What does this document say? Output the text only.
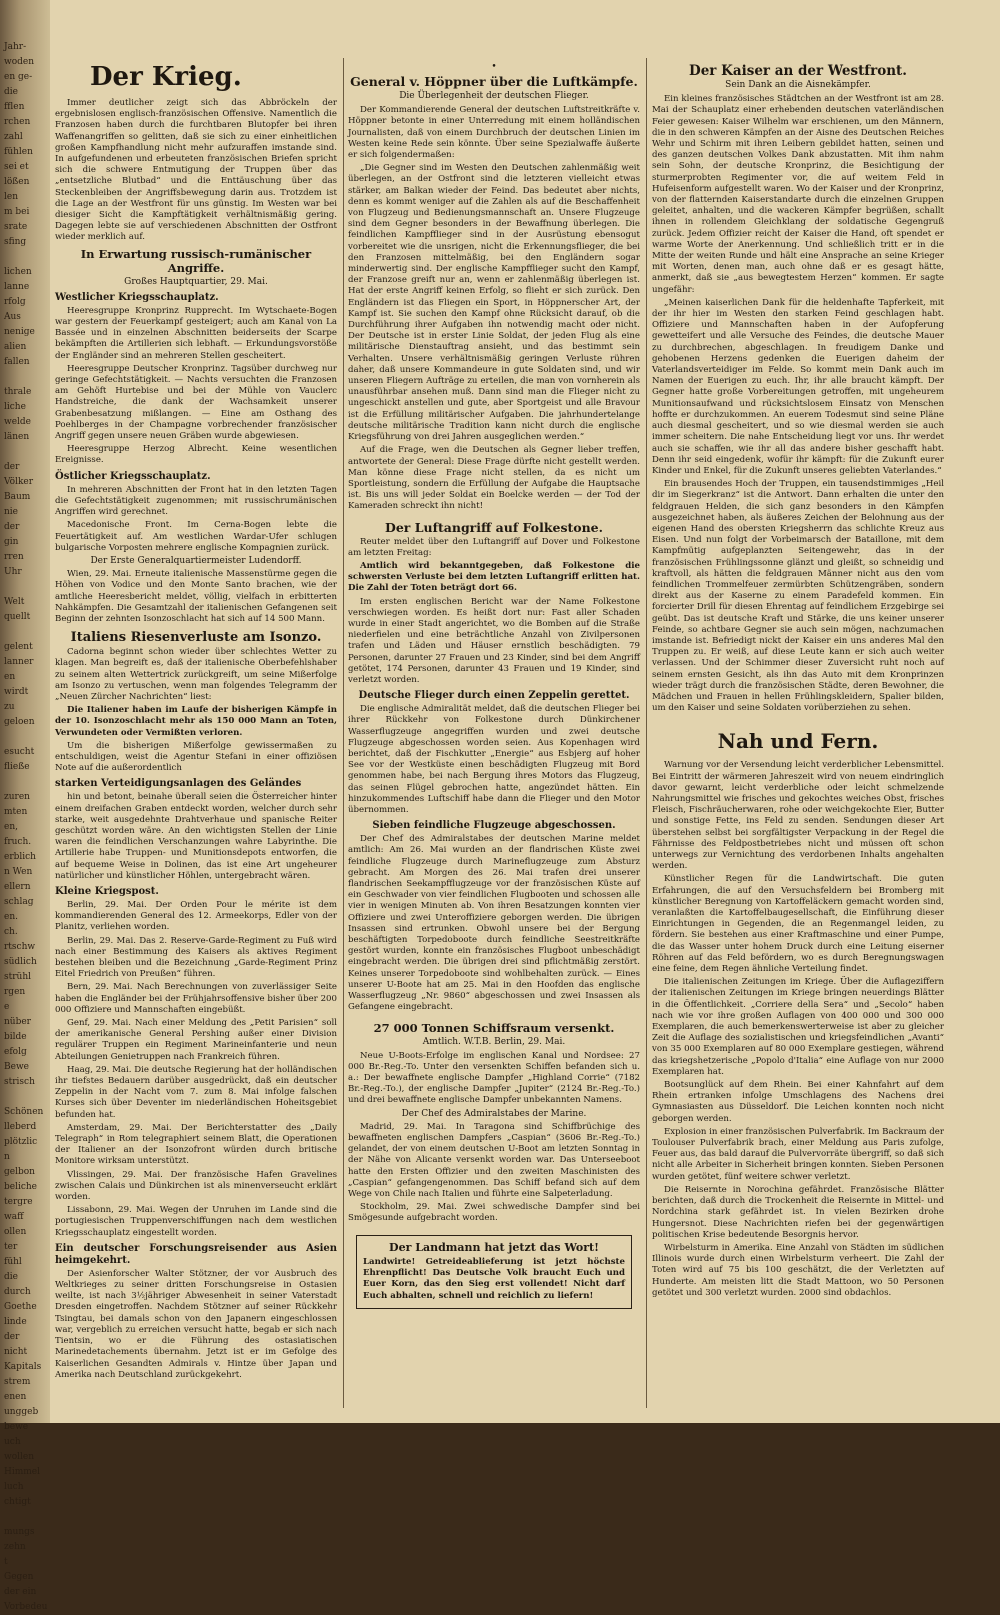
Jahr-
woden
en ge-
die
fflen
rchen
zahl
fühlen
sei et
lößen
len
m bei
srate
sfing

lichen
lanne
rfolg
Aus
nenige
alien
fallen

thrale
liche
welde
länen

der
Völker
Baum
nie
der
gin
rren
Uhr

Welt
quellt

gelent
lanner
en
wirdt
zu
geloen

esucht
fließe

zuren
mten
en,
fruch.
erblich
n Wen
ellern
schlag
en.
ch.
rtschw
südlich
strühl
rgen
e
nüber
bilde
efolg
Bewe
strisch

Schönen
lleberd
plötzlic
n
gelbon
beliche
tergre
waff
ollen
ter
fühl
die
durch
Goethe
linde
der
nicht
Kapitals
strem
enen
unggeb
bewe
uch
wollen
Himmel
luch
chtigt

mungs
zehn
t
Gegen
der ein
Vorbedeu
Der Krieg.

Immer deutlicher zeigt sich das Abbröckeln der ergebnislosen englisch-französischen Offensive. Namentlich die Franzosen haben durch die furchtbaren Blutopfer bei ihren Waffenangriffen so gelitten, daß sie sich zu einer einheitlichen großen Kampfhandlung nicht mehr aufzuraffen imstande sind. In aufgefundenen und erbeuteten französischen Briefen spricht sich die schwere Entmutigung der Truppen über das „entsetzliche Blutbad“ und die Enttäuschung über das Steckenbleiben der Angriffsbewegung darin aus. Trotzdem ist die Lage an der Westfront für uns günstig. Im Westen war bei diesiger Sicht die Kampftätigkeit verhältnismäßig gering. Dagegen lebte sie auf verschiedenen Abschnitten der Ostfront wieder merklich auf.

In Erwartung russisch-rumänischer Angriffe.
Großes Hauptquartier, 29. Mai.
Westlicher Kriegsschauplatz.

Heeresgruppe Kronprinz Rupprecht. Im Wytschaete-Bogen war gestern der Feuerkampf gesteigert; auch am Kanal von La Bassée und in einzelnen Abschnitten beiderseits der Scarpe bekämpften die Artillerien sich lebhaft. — Erkundungsvorstöße der Engländer sind an mehreren Stellen gescheitert.

Heeresgruppe Deutscher Kronprinz. Tagsüber durchweg nur geringe Gefechtstätigkeit. — Nachts versuchten die Franzosen am Gehöft Hurtebise und bei der Mühle von Vauclerc Handstreiche, die dank der Wachsamkeit unserer Grabenbesatzung mißlangen. — Eine am Osthang des Poehlberges in der Champagne vorbrechender französischer Angriff gegen unsere neuen Gräben wurde abgewiesen.

Heeresgruppe Herzog Albrecht. Keine wesentlichen Ereignisse.

Östlicher Kriegsschauplatz.

In mehreren Abschnitten der Front hat in den letzten Tagen die Gefechtstätigkeit zugenommen; mit russischrumänischen Angriffen wird gerechnet.

Macedonische Front. Im Cerna-Bogen lebte die Feuertätigkeit auf. Am westlichen Wardar-Ufer schlugen bulgarische Vorposten mehrere englische Kompagnien zurück.

Der Erste Generalquartiermeister Ludendorff.

Wien, 29. Mai. Erneute italienische Massenstürme gegen die Höhen von Vodice und den Monte Santo brachen, wie der amtliche Heeresbericht meldet, völlig, vielfach in erbitterten Nahkämpfen. Die Gesamtzahl der italienischen Gefangenen seit Beginn der zehnten Isonzoschlacht hat sich auf 14 500 Mann.

Italiens Riesenverluste am Isonzo.

Cadorna beginnt schon wieder über schlechtes Wetter zu klagen. Man begreift es, daß der italienische Oberbefehlshaber zu seinem alten Wettertrick zurückgreift, um seine Mißerfolge am Isonzo zu vertuschen, wenn man folgendes Telegramm der „Neuen Zürcher Nachrichten“ liest:

Die Italiener haben im Laufe der bisherigen Kämpfe in der 10. Isonzoschlacht mehr als 150 000 Mann an Toten, Verwundeten oder Vermißten verloren.

Um die bisherigen Mißerfolge gewissermaßen zu entschuldigen, weist die Agentur Stefani in einer offiziösen Note auf die außerordentlich

starken Verteidigungsanlagen des Geländes

hin und betont, beinahe überall seien die Österreicher hinter einem dreifachen Graben entdeckt worden, welcher durch sehr starke, weit ausgedehnte Drahtverhaue und spanische Reiter geschützt worden wäre. An den wichtigsten Stellen der Linie waren die feindlichen Verschanzungen wahre Labyrinthe. Die Artillerie habe Truppen- und Munitionsdepots entworfen, die auf bequeme Weise in Dolinen, das ist eine Art ungeheurer natürlicher und künstlicher Höhlen, untergebracht wären.

Kleine Kriegspost.

Berlin, 29. Mai. Der Orden Pour le mérite ist dem kommandierenden General des 12. Armeekorps, Edler von der Planitz, verliehen worden.

Berlin, 29. Mai. Das 2. Reserve-Garde-Regiment zu Fuß wird nach einer Bestimmung des Kaisers als aktives Regiment bestehen bleiben und die Bezeichnung „Garde-Regiment Prinz Eitel Friedrich von Preußen“ führen.

Bern, 29. Mai. Nach Berechnungen von zuverlässiger Seite haben die Engländer bei der Frühjahrsoffensive bisher über 200 000 Offiziere und Mannschaften eingebüßt.

Genf, 29. Mai. Nach einer Meldung des „Petit Parisien“ soll der amerikanische General Pershing außer einer Division regulärer Truppen ein Regiment Marineinfanterie und neun Abteilungen Genietruppen nach Frankreich führen.

Haag, 29. Mai. Die deutsche Regierung hat der holländischen ihr tiefstes Bedauern darüber ausgedrückt, daß ein deutscher Zeppelin in der Nacht vom 7. zum 8. Mai infolge falschen Kurses sich über Deventer im niederländischen Hoheitsgebiet befunden hat.

Amsterdam, 29. Mai. Der Berichterstatter des „Daily Telegraph“ in Rom telegraphiert seinem Blatt, die Operationen der Italiener an der Isonzofront würden durch britische Monitore wirksam unterstützt.

Vlissingen, 29. Mai. Der französische Hafen Gravelines zwischen Calais und Dünkirchen ist als minenverseucht erklärt worden.

Lissabonn, 29. Mai. Wegen der Unruhen im Lande sind die portugiesischen Truppenverschiffungen nach dem westlichen Kriegsschauplatz eingestellt worden.

Ein deutscher Forschungsreisender aus Asien heimgekehrt.

Der Asienforscher Walter Stötzner, der vor Ausbruch des Weltkrieges zu seiner dritten Forschungsreise in Ostasien weilte, ist nach 3½jähriger Abwesenheit in seiner Vaterstadt Dresden eingetroffen. Nachdem Stötzner auf seiner Rückkehr Tsingtau, bei damals schon von den Japanern eingeschlossen war, vergeblich zu erreichen versucht hatte, begab er sich nach Tientsin, wo er die Führung des ostasiatischen Marinedetachements übernahm. Jetzt ist er im Gefolge des Kaiserlichen Gesandten Admirals v. Hintze über Japan und Amerika nach Deutschland zurückgekehrt.

•
General v. Höppner über die Luftkämpfe.
Die Überlegenheit der deutschen Flieger.

Der Kommandierende General der deutschen Luftstreitkräfte v. Höppner betonte in einer Unterredung mit einem holländischen Journalisten, daß von einem Durchbruch der deutschen Linien im Westen keine Rede sein könnte. Über seine Spezialwaffe äußerte er sich folgendermaßen:

„Die Gegner sind im Westen den Deutschen zahlenmäßig weit überlegen, an der Ostfront sind die letzteren vielleicht etwas stärker, am Balkan wieder der Feind. Das bedeutet aber nichts, denn es kommt weniger auf die Zahlen als auf die Beschaffenheit von Flugzeug und Bedienungsmannschaft an. Unsere Flugzeuge sind dem Gegner besonders in der Bewaffnung überlegen. Die feindlichen Kampfflieger sind in der Ausrüstung ebensogut vorbereitet wie die unsrigen, nicht die Erkennungsflieger, die bei den Franzosen mittelmäßig, bei den Engländern sogar minderwertig sind. Der englische Kampfflieger sucht den Kampf, der Franzose greift nur an, wenn er zahlenmäßig überlegen ist. Hat der erste Angriff keinen Erfolg, so flieht er sich zurück. Den Engländern ist das Fliegen ein Sport, in Höppnerscher Art, der Kampf ist. Sie suchen den Kampf ohne Rücksicht darauf, ob die Durchführung ihrer Aufgaben ihn notwendig macht oder nicht. Der Deutsche ist in erster Linie Soldat, der jeden Flug als eine militärische Dienstauftrag ansieht, und das bestimmt sein Verhalten. Unsere verhältnismäßig geringen Verluste rühren daher, daß unsere Kommandeure in gute Soldaten sind, und wir unseren Fliegern Aufträge zu erteilen, die man von vornherein als unausführbar ansehen muß. Dann sind man die Flieger nicht zu ungeschickt anstellen und gute, aber Sportgeist und alle Bravour ist die Erfüllung militärischer Aufgaben. Die jahrhundertelange deutsche militärische Tradition kann nicht durch die englische Kriegsführung von drei Jahren ausgeglichen werden.“

Auf die Frage, wen die Deutschen als Gegner lieber treffen, antwortete der General: Diese Frage dürfte nicht gestellt werden. Man könne diese Frage nicht stellen, da es nicht um Sportleistung, sondern die Erfüllung der Aufgabe die Hauptsache ist. Bis uns will jeder Soldat ein Boelcke werden — der Tod der Kameraden schreckt ihn nicht!

Der Luftangriff auf Folkestone.

Reuter meldet über den Luftangriff auf Dover und Folkestone am letzten Freitag:

Amtlich wird bekanntgegeben, daß Folkestone die schwersten Verluste bei dem letzten Luftangriff erlitten hat. Die Zahl der Toten beträgt dort 66.

Im ersten englischen Bericht war der Name Folkestone verschwiegen worden. Es heißt dort nur: Fast aller Schaden wurde in einer Stadt angerichtet, wo die Bomben auf die Straße niederfielen und eine beträchtliche Anzahl von Zivilpersonen trafen und Läden und Häuser ernstlich beschädigten. 79 Personen, darunter 27 Frauen und 23 Kinder, sind bei dem Angriff getötet, 174 Personen, darunter 43 Frauen und 19 Kinder, sind verletzt worden.

Deutsche Flieger durch einen Zeppelin gerettet.

Die englische Admiralität meldet, daß die deutschen Flieger bei ihrer Rückkehr von Folkestone durch Dünkirchener Wasserflugzeuge angegriffen wurden und zwei deutsche Flugzeuge abgeschossen worden seien. Aus Kopenhagen wird berichtet, daß der Fischkutter „Energie“ aus Esbjerg auf hoher See vor der Westküste einen beschädigten Flugzeug mit Bord genommen habe, bei nach Bergung ihres Motors das Flugzeug, das seinen Flügel gebrochen hatte, angezündet hätten. Ein hinzukommendes Luftschiff habe dann die Flieger und den Motor übernommen.

Sieben feindliche Flugzeuge abgeschossen.

Der Chef des Admiralstabes der deutschen Marine meldet amtlich: Am 26. Mai wurden an der flandrischen Küste zwei feindliche Flugzeuge durch Marineflugzeuge zum Absturz gebracht. Am Morgen des 26. Mai trafen drei unserer flandrischen Seekampfflugzeuge vor der französischen Küste auf ein Geschwader von vier feindlichen Flugbooten und schossen alle vier in wenigen Minuten ab. Von ihren Besatzungen konnten vier Offiziere und zwei Unteroffiziere geborgen werden. Die übrigen Insassen sind ertrunken. Obwohl unsere bei der Bergung beschäftigten Torpedoboote durch feindliche Seestreitkräfte gestört wurden, konnte ein französisches Flugboot unbeschädigt eingebracht werden. Die übrigen drei sind pflichtmäßig zerstört. Keines unserer Torpedoboote sind wohlbehalten zurück. — Eines unserer U-Boote hat am 25. Mai in den Hoofden das englische Wasserflugzeug „Nr. 9860“ abgeschossen und zwei Insassen als Gefangene eingebracht.

27 000 Tonnen Schiffsraum versenkt.
Amtlich. W.T.B. Berlin, 29. Mai.

Neue U-Boots-Erfolge im englischen Kanal und Nordsee: 27 000 Br.-Reg.-To. Unter den versenkten Schiffen befanden sich u. a.: Der bewaffnete englische Dampfer „Highland Corrie“ (7182 Br.-Reg.-To.), der englische Dampfer „Jupiter“ (2124 Br.-Reg.-To.) und drei bewaffnete englische Dampfer unbekannten Namens.

Der Chef des Admiralstabes der Marine.

Madrid, 29. Mai. In Taragona sind Schiffbrüchige des bewaffneten englischen Dampfers „Caspian“ (3606 Br.-Reg.-To.) gelandet, der von einem deutschen U-Boot am letzten Sonntag in der Nähe von Alicante versenkt worden war. Das Unterseeboot hatte den Ersten Offizier und den zweiten Maschinisten des „Caspian“ gefangengenommen. Das Schiff befand sich auf dem Wege von Chile nach Italien und führte eine Salpeterladung.

Stockholm, 29. Mai. Zwei schwedische Dampfer sind bei Smögesunde aufgebracht worden.

Der Landmann hat jetzt das Wort!
Landwirte! Getreideablieferung ist jetzt höchste Ehrenpflicht! Das Deutsche Volk braucht Euch und Euer Korn, das den Sieg erst vollendet! Nicht darf Euch abhalten, schnell und reichlich zu liefern!
Der Kaiser an der Westfront.
Sein Dank an die Aisnekämpfer.

Ein kleines französisches Städtchen an der Westfront ist am 28. Mai der Schauplatz einer erhebenden deutschen vaterländischen Feier gewesen: Kaiser Wilhelm war erschienen, um den Männern, die in den schweren Kämpfen an der Aisne des Deutschen Reiches Wehr und Schirm mit ihren Leibern gebildet hatten, seinen und des ganzen deutschen Volkes Dank abzustatten. Mit ihm nahm sein Sohn, der deutsche Kronprinz, die Besichtigung der sturmerprobten Regimenter vor, die auf weitem Feld in Hufeisenform aufgestellt waren. Wo der Kaiser und der Kronprinz, von der flatternden Kaiserstandarte durch die einzelnen Gruppen geleitet, anhalten, und die wackeren Kämpfer begrüßen, schallt ihnen in rollendem Gleichklang der soldatische Gegengruß zurück. Jedem Offizier reicht der Kaiser die Hand, oft spendet er warme Worte der Anerkennung. Und schließlich tritt er in die Mitte der weiten Runde und hält eine Ansprache an seine Krieger mit Worten, denen man, auch ohne daß er es gesagt hätte, anmerkt, daß sie „aus bewegtestem Herzen“ kommen. Er sagte ungefähr:

„Meinen kaiserlichen Dank für die heldenhafte Tapferkeit, mit der ihr hier im Westen den starken Feind geschlagen habt. Offiziere und Mannschaften haben in der Aufopferung gewetteifert und alle Versuche des Feindes, die deutsche Mauer zu durchbrechen, abgeschlagen. In freudigem Danke und gehobenen Herzens gedenken die Euerigen daheim der Vaterlandsverteidiger im Felde. So kommt mein Dank auch im Namen der Euerigen zu euch. Ihr, ihr alle braucht kämpft. Der Gegner hatte große Vorbereitungen getroffen, mit ungeheurem Munitionsaufwand und rücksichtslosem Einsatz von Menschen hoffte er durchzukommen. An euerem Todesmut sind seine Pläne auch diesmal gescheitert, und so wie diesmal werden sie auch immer scheitern. Die nahe Entscheidung liegt vor uns. Ihr werdet auch sie schaffen, wie ihr all das andere bisher geschafft habt. Denn ihr seid eingedenk, wofür ihr kämpft: für die Zukunft eurer Kinder und Enkel, für die Zukunft unseres geliebten Vaterlandes.“

Ein brausendes Hoch der Truppen, ein tausendstimmiges „Heil dir im Siegerkranz“ ist die Antwort. Dann erhalten die unter den feldgrauen Helden, die sich ganz besonders in den Kämpfen ausgezeichnet haben, als äußeres Zeichen der Belohnung aus der eigenen Hand des obersten Kriegsherrn das schlichte Kreuz aus Eisen. Und nun folgt der Vorbeimarsch der Bataillone, mit dem Kampfmütig aufgeplanzten Seitengewehr, das in der französischen Frühlingssonne glänzt und gleißt, so schneidig und kraftvoll, als hätten die feldgrauen Männer nicht aus den vom feindlichen Trommelfeuer zermürbten Schützengräben, sondern direkt aus der Kaserne zu einem Paradefeld kommen. Ein forcierter Drill für diesen Ehrentag auf feindlichem Erzgebirge sei geübt. Das ist deutsche Kraft und Stärke, die uns keiner unserer Feinde, so achtbare Gegner sie auch sein mögen, nachzumachen imstande ist. Befriedigt nickt der Kaiser ein uns anderes Mal den Truppen zu. Er weiß, auf diese Leute kann er sich auch weiter verlassen. Und der Schimmer dieser Zuversicht ruht noch auf seinem ernsten Gesicht, als ihn das Auto mit dem Kronprinzen wieder trägt durch die französischen Städte, deren Bewohner, die Mädchen und Frauen in hellen Frühlingskleidern, Spalier bilden, um den Kaiser und seine Soldaten vorüberziehen zu sehen.

Nah und Fern.

Warnung vor der Versendung leicht verderblicher Lebensmittel. Bei Eintritt der wärmeren Jahreszeit wird von neuem eindringlich davor gewarnt, leicht verderbliche oder leicht schmelzende Nahrungsmittel wie frisches und gekochtes weiches Obst, frisches Fleisch, Fischräucherwaren, rohe oder weichgekochte Eier, Butter und sonstige Fette, ins Feld zu senden. Sendungen dieser Art überstehen selbst bei sorgfältigster Verpackung in der Regel die Fährnisse des Feldpostbetriebes nicht und müssen oft schon unterwegs zur Vernichtung des verdorbenen Inhalts angehalten werden.

Künstlicher Regen für die Landwirtschaft. Die guten Erfahrungen, die auf den Versuchsfeldern bei Bromberg mit künstlicher Beregnung von Kartoffeläckern gemacht worden sind, veranlaßten die Kartoffelbaugesellschaft, die Einführung dieser Einrichtungen in Gegenden, die an Regenmangel leiden, zu fördern. Sie bestehen aus einer Kraftmaschine und einer Pumpe, die das Wasser unter hohem Druck durch eine Leitung eiserner Röhren auf das Feld befördern, wo es durch Beregnungswagen eine feine, dem Regen ähnliche Verteilung findet.

Die italienischen Zeitungen im Kriege. Über die Auflageziffern der italienischen Zeitungen im Kriege bringen neuerdings Blätter in die Öffentlichkeit. „Corriere della Sera“ und „Secolo“ haben nach wie vor ihre großen Auflagen von 400 000 und 300 000 Exemplaren, die auch bemerkenswerterweise ist aber zu gleicher Zeit die Auflage des sozialistischen und kriegsfeindlichen „Avanti“ von 35 000 Exemplaren auf 80 000 Exemplare gestiegen, während das kriegshetzerische „Popolo d'Italia“ eine Auflage von nur 2000 Exemplaren hat.

Bootsunglück auf dem Rhein. Bei einer Kahnfahrt auf dem Rhein ertranken infolge Umschlagens des Nachens drei Gymnasiasten aus Düsseldorf. Die Leichen konnten noch nicht geborgen werden.

Explosion in einer französischen Pulverfabrik. Im Backraum der Toulouser Pulverfabrik brach, einer Meldung aus Paris zufolge, Feuer aus, das bald darauf die Pulvervorräte übergriff, so daß sich nicht alle Arbeiter in Sicherheit bringen konnten. Sieben Personen wurden getötet, fünf weitere schwer verletzt.

Die Reisernte in Norochina gefährdet. Französische Blätter berichten, daß durch die Trockenheit die Reisernte in Mittel- und Nordchina stark gefährdet ist. In vielen Bezirken drohe Hungersnot. Diese Nachrichten riefen bei der gegenwärtigen politischen Krise bedeutende Besorgnis hervor.

Wirbelsturm in Amerika. Eine Anzahl von Städten im südlichen Illinois wurde durch einen Wirbelsturm verheert. Die Zahl der Toten wird auf 75 bis 100 geschätzt, die der Verletzten auf Hunderte. Am meisten litt die Stadt Mattoon, wo 50 Personen getötet und 300 verletzt wurden. 2000 sind obdachlos.
